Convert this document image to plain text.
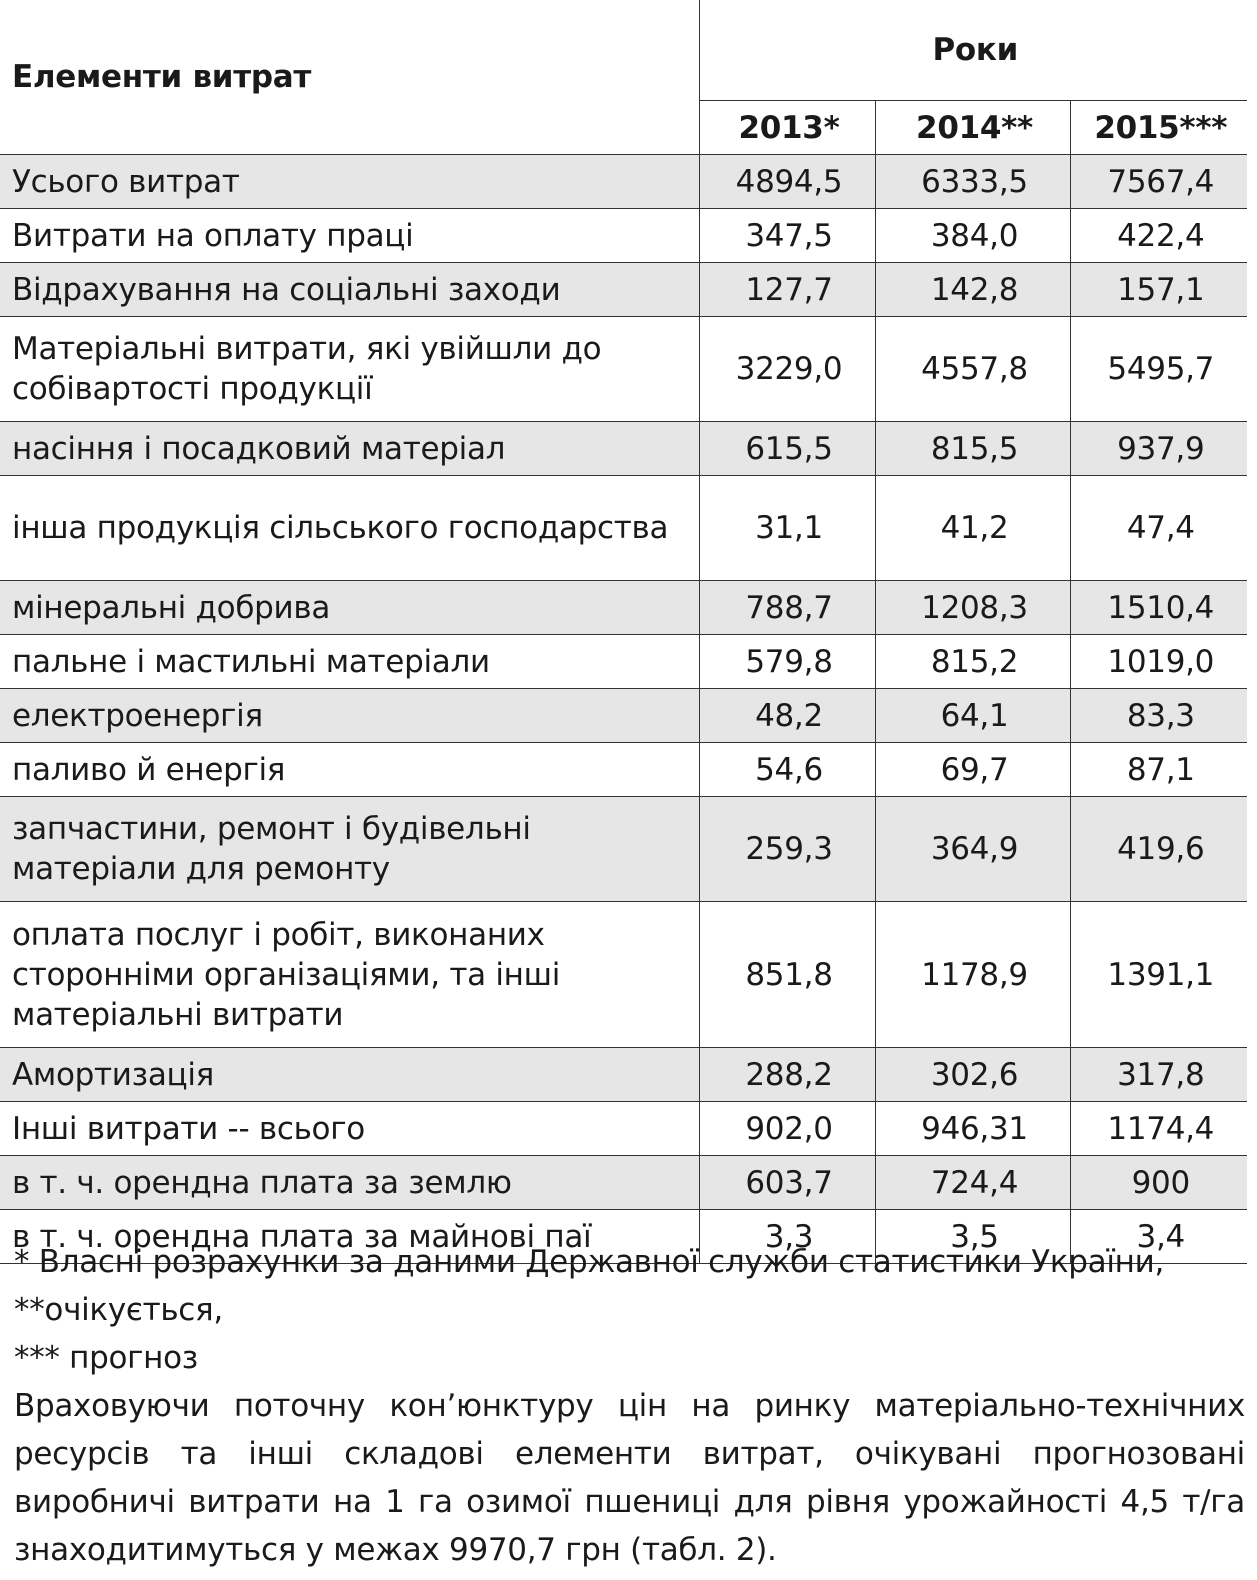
Елементи витрат	Роки		
	2013*	2014**	2015***
Усього витрат	4894,5	6333,5	7567,4
Витрати на оплату праці	347,5	384,0	422,4
Відрахування на соціальні заходи	127,7	142,8	157,1
Матеріальні витрати, які увійшли до собівартості продукції	3229,0	4557,8	5495,7
насіння і посадковий матеріал	615,5	815,5	937,9
інша продукція сільського господарства	31,1	41,2	47,4
мінеральні добрива	788,7	1208,3	1510,4
пальне і мастильні матеріали	579,8	815,2	1019,0
електроенергія	48,2	64,1	83,3
паливо й енергія	54,6	69,7	87,1
запчастини, ремонт і будівельні матеріали для ремонту	259,3	364,9	419,6
оплата послуг і робіт, виконаних сторонніми організаціями, та інші матеріальні витрати	851,8	1178,9	1391,1
Амортизація	288,2	302,6	317,8
Інші витрати -- всього	902,0	946,31	1174,4
в т. ч. орендна плата за землю	603,7	724,4	900
в т. ч. орендна плата за майнові паї	3,3	3,5	3,4

* Власні розрахунки за даними Державної служби статистики України,

**очікується,

*** прогноз

Враховуючи поточну кон’юнктуру цін на ринку матеріально-технічних ресурсів та інші складові елементи витрат, очікувані прогнозовані виробничі витрати на 1 га озимої пшениці для рівня урожайності 4,5 т/га знаходитимуться у межах 9970,7 грн (табл. 2).
